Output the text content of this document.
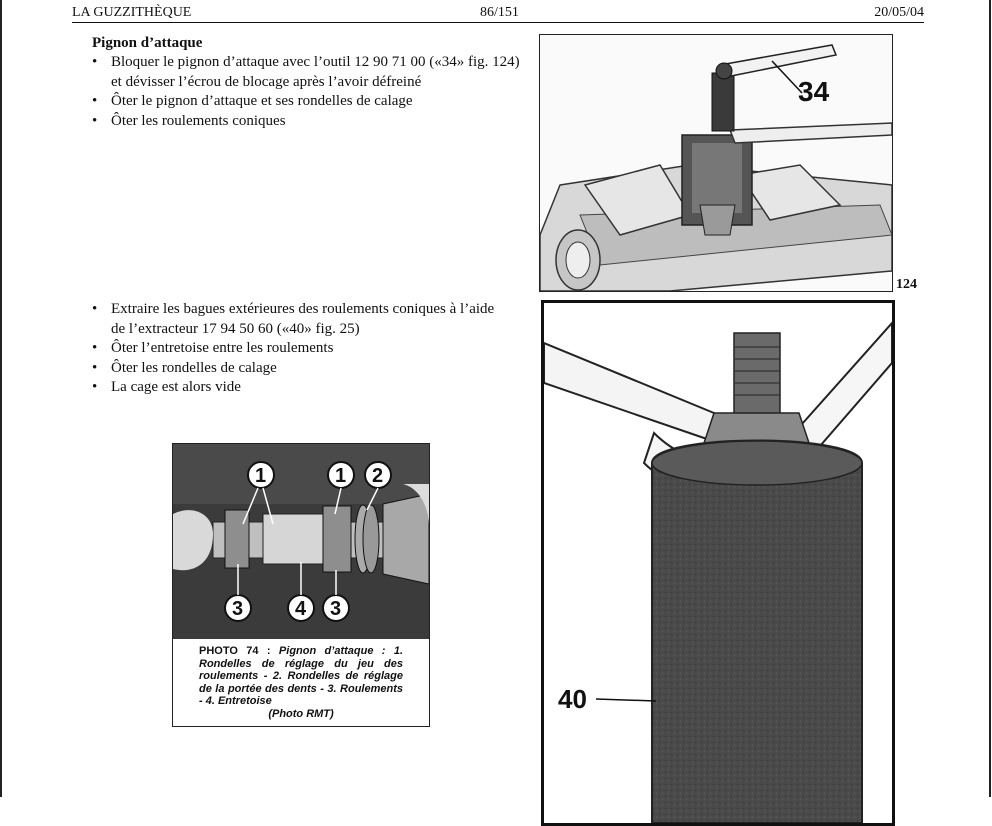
LA GUZZITHÈQUE	86/151	20/05/04
Pignon d’attaque
• Bloquer le pignon d’attaque avec l’outil 12 90 71 00 («34» fig. 124) et dévisser l’écrou de blocage après l’avoir défreiné
• Ôter le pignon d’attaque et ses rondelles de calage
• Ôter les roulements coniques
• Extraire les bagues extérieures des roulements coniques à l’aide de l’extracteur 17 94 50 60 («40» fig. 25)
• Ôter l’entretoise entre les roulements
• Ôter les rondelles de calage
• La cage est alors vide
34
124
40
1	1 2
3	4 3
PHOTO 74 : Pignon d’attaque : 1. Rondelles de réglage du jeu des roulements - 2. Rondelles de réglage de la portée des dents - 3. Roulements - 4. Entretoise
(Photo RMT)
